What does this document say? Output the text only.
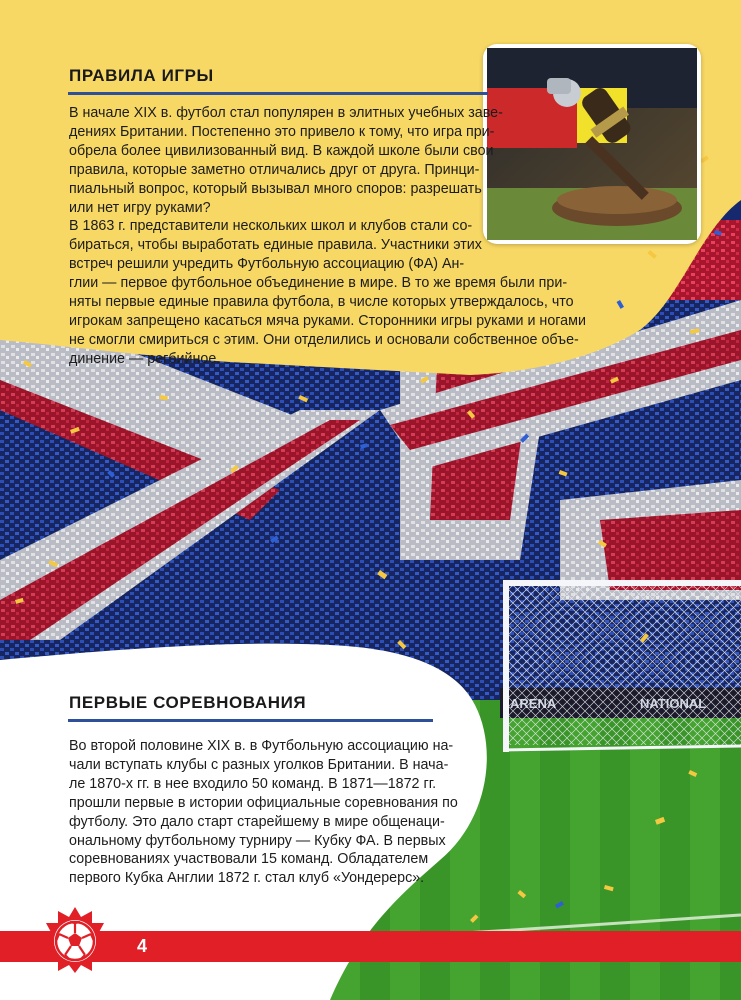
ПРАВИЛА ИГРЫ
В начале XIX в. футбол стал популярен в элитных учебных заве-
дениях Британии. Постепенно это привело к тому, что игра при-
обрела более цивилизованный вид. В каждой школе были свои
правила, которые заметно отличались друг от друга. Принци-
пиальный вопрос, который вызывал много споров: разрешать
или нет игру руками?
В 1863 г. представители нескольких школ и клубов стали со-
бираться, чтобы выработать единые правила. Участники этих
встреч решили учредить Футбольную ассоциацию (ФА) Ан-
глии — первое футбольное объединение в мире. В то же время были при-
няты первые единые правила футбола, в числе которых утверждалось, что
игрокам запрещено касаться мяча руками. Сторонники игры руками и ногами
не смогли смириться с этим. Они отделились и основали собственное объе-
динение — регбийное.
ПЕРВЫЕ СОРЕВНОВАНИЯ
Во второй половине XIX в. в Футбольную ассоциацию на-
чали вступать клубы с разных уголков Британии. В нача-
ле 1870-х гг. в нее входило 50 команд. В 1871—1872 гг.
прошли первые в истории официальные соревнования по
футболу. Это дало старт старейшему в мире общенаци-
ональному футбольному турниру — Кубку ФА. В первых
соревнованиях участвовали 15 команд. Обладателем
первого Кубка Англии 1872 г. стал клуб «Уондерерс».
4
